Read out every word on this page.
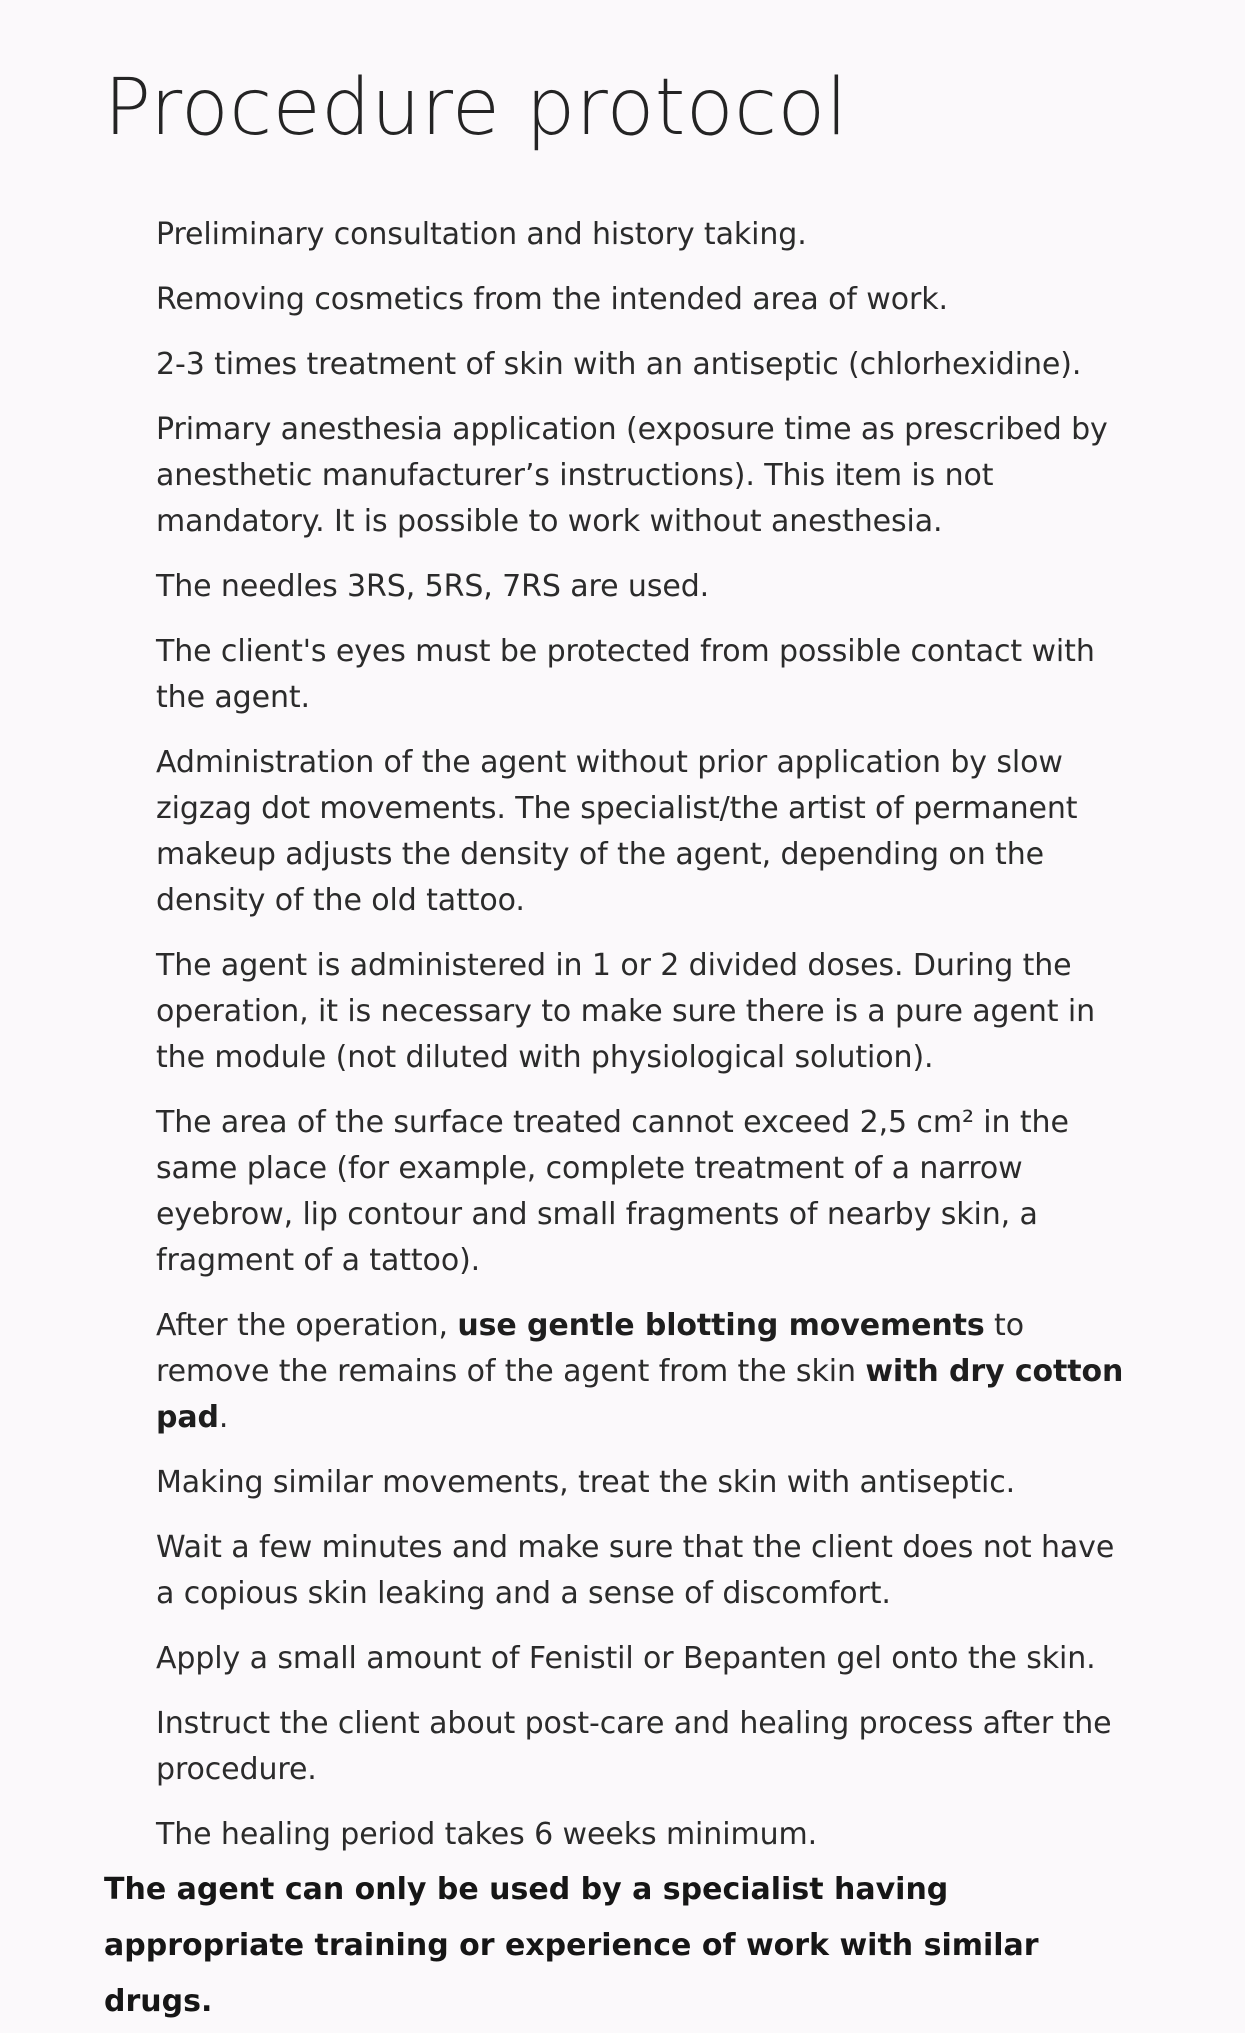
Procedure protocol
Preliminary consultation and history taking.
Removing cosmetics from the intended area of work.
2-3 times treatment of skin with an antiseptic (chlorhexidine).
Primary anesthesia application (exposure time as prescribed by anesthetic manufacturer’s instructions). This item is not mandatory. It is possible to work without anesthesia.
The needles 3RS, 5RS, 7RS are used.
The client's eyes must be protected from possible contact with the agent.
Administration of the agent without prior application by slow zigzag dot movements. The specialist/the artist of permanent makeup adjusts the density of the agent, depending on the density of the old tattoo.
The agent is administered in 1 or 2 divided doses. During the operation, it is necessary to make sure there is a pure agent in the module (not diluted with physiological solution).
The area of the surface treated cannot exceed 2,5 cm² in the same place (for example, complete treatment of a narrow eyebrow, lip contour and small fragments of nearby skin, a fragment of a tattoo).
After the operation, use gentle blotting movements to remove the remains of the agent from the skin with dry cotton pad.
Making similar movements, treat the skin with antiseptic.
Wait a few minutes and make sure that the client does not have a copious skin leaking and a sense of discomfort.
Apply a small amount of Fenistil or Bepanten gel onto the skin.
Instruct the client about post-care and healing process after the procedure.
The healing period takes 6 weeks minimum.

The agent can only be used by a specialist having appropriate training or experience of work with similar drugs.
